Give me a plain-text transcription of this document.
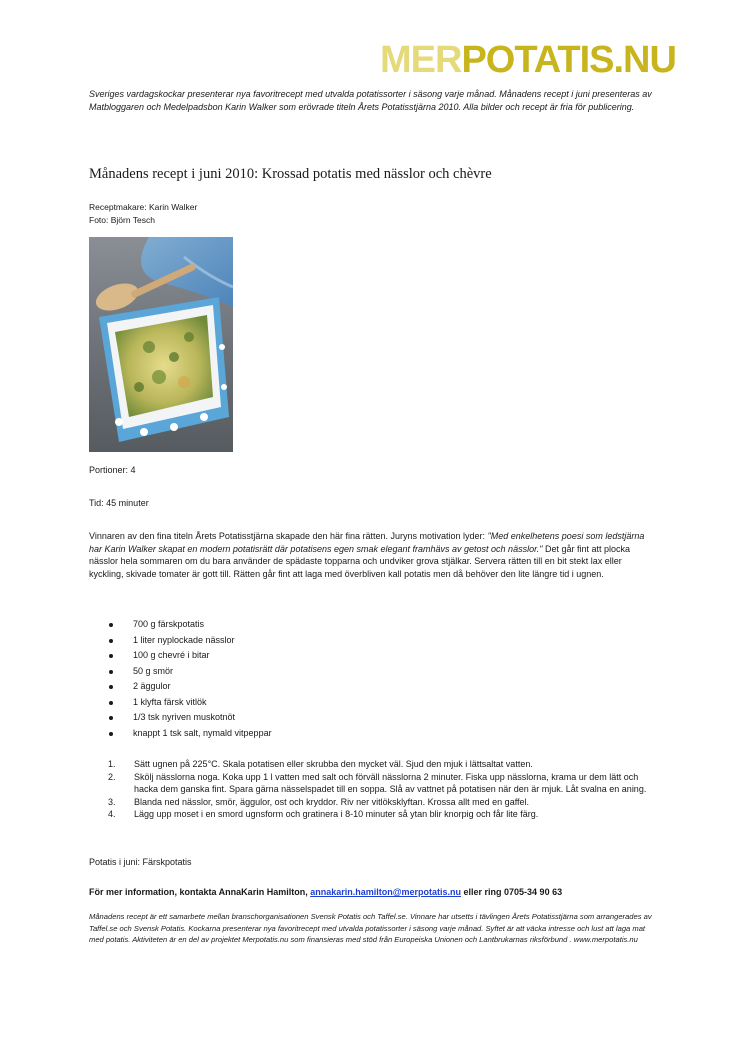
MERPOTATIS.NU
Sveriges vardagskockar presenterar nya favoritrecept med utvalda potatissorter i säsong varje månad. Månadens recept i juni presenteras av Matbloggaren och Medelpadsbon Karin Walker som erövrade titeln Årets Potatisstjärna 2010. Alla bilder och recept är fria för publicering.
Månadens recept i juni 2010: Krossad potatis med nässlor och chèvre
Receptmakare: Karin Walker
Foto: Björn Tesch
Portioner: 4
Tid: 45 minuter
Vinnaren av den fina titeln Årets Potatisstjärna skapade den här fina rätten. Juryns motivation lyder: "Med enkelhetens poesi som ledstjärna har Karin Walker skapat en modern potatisrätt där potatisens egen smak elegant framhävs av getost och nässlor." Det går fint att plocka nässlor hela sommaren om du bara använder de spädaste topparna och undviker grova stjälkar. Servera rätten till en bit stekt lax eller kyckling, skivade tomater är gott till. Rätten går fint att laga med överbliven kall potatis men då behöver den lite längre tid i ugnen.
700 g färskpotatis
1 liter nyplockade nässlor
100 g chevré i bitar
50 g smör
2 äggulor
1 klyfta färsk vitlök
1/3 tsk nyriven muskotnöt
knappt 1 tsk salt, nymald vitpeppar
1. Sätt ugnen på 225°C. Skala potatisen eller skrubba den mycket väl. Sjud den mjuk i lättsaltat vatten.
2. Skölj nässlorna noga. Koka upp 1 l vatten med salt och förväll nässlorna 2 minuter. Fiska upp nässlorna, krama ur dem lätt och hacka dem ganska fint. Spara gärna nässelspadet till en soppa. Slå av vattnet på potatisen när den är mjuk. Låt svalna en aning.
3. Blanda ned nässlor, smör, äggulor, ost och kryddor. Riv ner vitlöksklyftan. Krossa allt med en gaffel.
4. Lägg upp moset i en smord ugnsform och gratinera i 8-10 minuter så ytan blir knorpig och får lite färg.
Potatis i juni: Färskpotatis
För mer information, kontakta AnnaKarin Hamilton, annakarin.hamilton@merpotatis.nu eller ring 0705-34 90 63
Månadens recept är ett samarbete mellan branschorganisationen Svensk Potatis och Taffel.se. Vinnare har utsetts i tävlingen Årets Potatisstjärna som arrangerades av Taffel.se och Svensk Potatis. Kockarna presenterar nya favoritrecept med utvalda potatissorter i säsong varje månad. Syftet är att väcka intresse och lust att laga mat med potatis. Aktiviteten är en del av projektet Merpotatis.nu som finansieras med stöd från Europeiska Unionen och Lantbrukarnas riksförbund . www.merpotatis.nu
